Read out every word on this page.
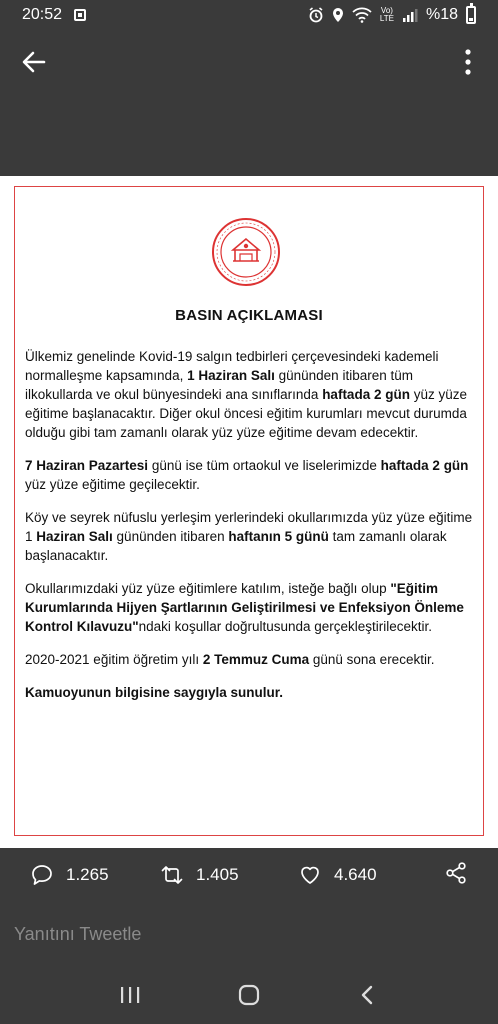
20:52	Vo)
LTE %18
BASIN AÇIKLAMASI

Ülkemiz genelinde Kovid-19 salgın tedbirleri çerçevesindeki kademeli normalleşme kapsamında, 1 Haziran Salı gününden itibaren tüm ilkokullarda ve okul bünyesindeki ana sınıflarında haftada 2 gün yüz yüze eğitime başlanacaktır. Diğer okul öncesi eğitim kurumları mevcut durumda olduğu gibi tam zamanlı olarak yüz yüze eğitime devam edecektir.

7 Haziran Pazartesi günü ise tüm ortaokul ve liselerimizde haftada 2 gün yüz yüze eğitime geçilecektir.

Köy ve seyrek nüfuslu yerleşim yerlerindeki okullarımızda yüz yüze eğitime 1 Haziran Salı gününden itibaren haftanın 5 günü tam zamanlı olarak başlanacaktır.

Okullarımızdaki yüz yüze eğitimlere katılım, isteğe bağlı olup "Eğitim Kurumlarında Hijyen Şartlarının Geliştirilmesi ve Enfeksiyon Önleme Kontrol Kılavuzu"ndaki koşullar doğrultusunda gerçekleştirilecektir.

2020-2021 eğitim öğretim yılı 2 Temmuz Cuma günü sona erecektir.

Kamuoyunun bilgisine saygıyla sunulur.

1.265	1.405	4.640
Yanıtını Tweetle
